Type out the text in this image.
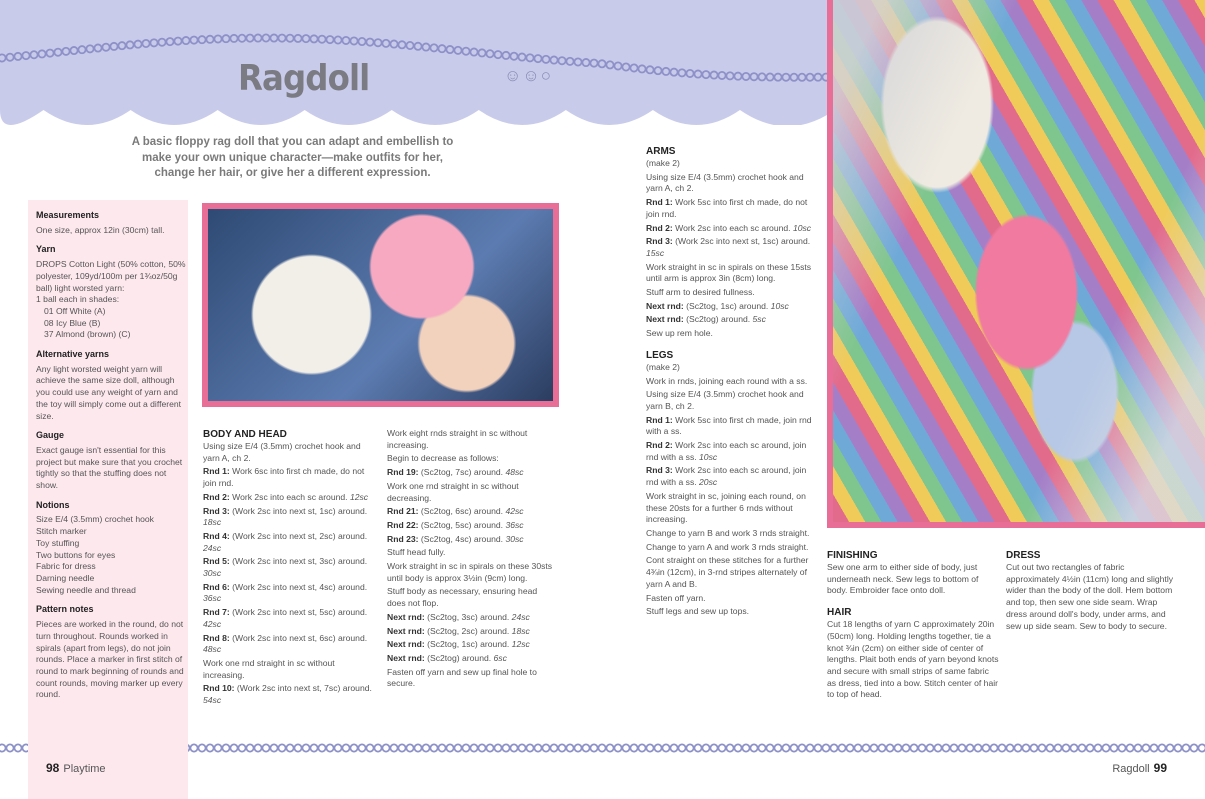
Ragdoll	☺☺○
A basic floppy rag doll that you can adapt and embellish to make your own unique character—make outfits for her, change her hair, or give her a different expression.
Measurements
One size, approx 12in (30cm) tall.
Yarn
DROPS Cotton Light (50% cotton, 50% polyester, 109yd/100m per 1¾oz/50g ball) light worsted yarn:
1 ball each in shades:
01 Off White (A)
08 Icy Blue (B)
37 Almond (brown) (C)
Alternative yarns
Any light worsted weight yarn will achieve the same size doll, although you could use any weight of yarn and the toy will simply come out a different size.
Gauge
Exact gauge isn't essential for this project but make sure that you crochet tightly so that the stuffing does not show.
Notions
Size E/4 (3.5mm) crochet hook
Stitch marker
Toy stuffing
Two buttons for eyes
Fabric for dress
Darning needle
Sewing needle and thread
Pattern notes
Pieces are worked in the round, do not turn throughout. Rounds worked in spirals (apart from legs), do not join rounds. Place a marker in first stitch of round to mark beginning of rounds and count rounds, moving marker up every round.
BODY AND HEAD

Using size E/4 (3.5mm) crochet hook and yarn A, ch 2.

Rnd 1: Work 6sc into first ch made, do not join rnd.

Rnd 2: Work 2sc into each sc around. 12sc

Rnd 3: (Work 2sc into next st, 1sc) around. 18sc

Rnd 4: (Work 2sc into next st, 2sc) around. 24sc

Rnd 5: (Work 2sc into next st, 3sc) around. 30sc

Rnd 6: (Work 2sc into next st, 4sc) around. 36sc

Rnd 7: (Work 2sc into next st, 5sc) around. 42sc

Rnd 8: (Work 2sc into next st, 6sc) around. 48sc

Work one rnd straight in sc without increasing.

Rnd 10: (Work 2sc into next st, 7sc) around. 54sc

Work eight rnds straight in sc without increasing.

Begin to decrease as follows:

Rnd 19: (Sc2tog, 7sc) around. 48sc

Work one rnd straight in sc without decreasing.

Rnd 21: (Sc2tog, 6sc) around. 42sc

Rnd 22: (Sc2tog, 5sc) around. 36sc

Rnd 23: (Sc2tog, 4sc) around. 30sc

Stuff head fully.

Work straight in sc in spirals on these 30sts until body is approx 3½in (9cm) long.

Stuff body as necessary, ensuring head does not flop.

Next rnd: (Sc2tog, 3sc) around. 24sc

Next rnd: (Sc2tog, 2sc) around. 18sc

Next rnd: (Sc2tog, 1sc) around. 12sc

Next rnd: (Sc2tog) around. 6sc

Fasten off yarn and sew up final hole to secure.

ARMS

(make 2)

Using size E/4 (3.5mm) crochet hook and yarn A, ch 2.

Rnd 1: Work 5sc into first ch made, do not join rnd.

Rnd 2: Work 2sc into each sc around. 10sc

Rnd 3: (Work 2sc into next st, 1sc) around. 15sc

Work straight in sc in spirals on these 15sts until arm is approx 3in (8cm) long.

Stuff arm to desired fullness.

Next rnd: (Sc2tog, 1sc) around. 10sc

Next rnd: (Sc2tog) around. 5sc

Sew up rem hole.

LEGS

(make 2)

Work in rnds, joining each round with a ss.

Using size E/4 (3.5mm) crochet hook and yarn B, ch 2.

Rnd 1: Work 5sc into first ch made, join rnd with a ss.

Rnd 2: Work 2sc into each sc around, join rnd with a ss. 10sc

Rnd 3: Work 2sc into each sc around, join rnd with a ss. 20sc

Work straight in sc, joining each round, on these 20sts for a further 6 rnds without increasing.

Change to yarn B and work 3 rnds straight.

Change to yarn A and work 3 rnds straight.

Cont straight on these stitches for a further 4¾in (12cm), in 3-rnd stripes alternately of yarn A and B.

Fasten off yarn.

Stuff legs and sew up tops.

FINISHING

Sew one arm to either side of body, just underneath neck. Sew legs to bottom of body. Embroider face onto doll.

HAIR

Cut 18 lengths of yarn C approximately 20in (50cm) long. Holding lengths together, tie a knot ¾in (2cm) on either side of center of lengths. Plait both ends of yarn beyond knots and secure with small strips of same fabric as dress, tied into a bow. Stitch center of hair to top of head.

DRESS

Cut out two rectangles of fabric approximately 4½in (11cm) long and slightly wider than the body of the doll. Hem bottom and top, then sew one side seam. Wrap dress around doll's body, under arms, and sew up side seam. Sew to body to secure.

98 Playtime	Ragdoll 99
